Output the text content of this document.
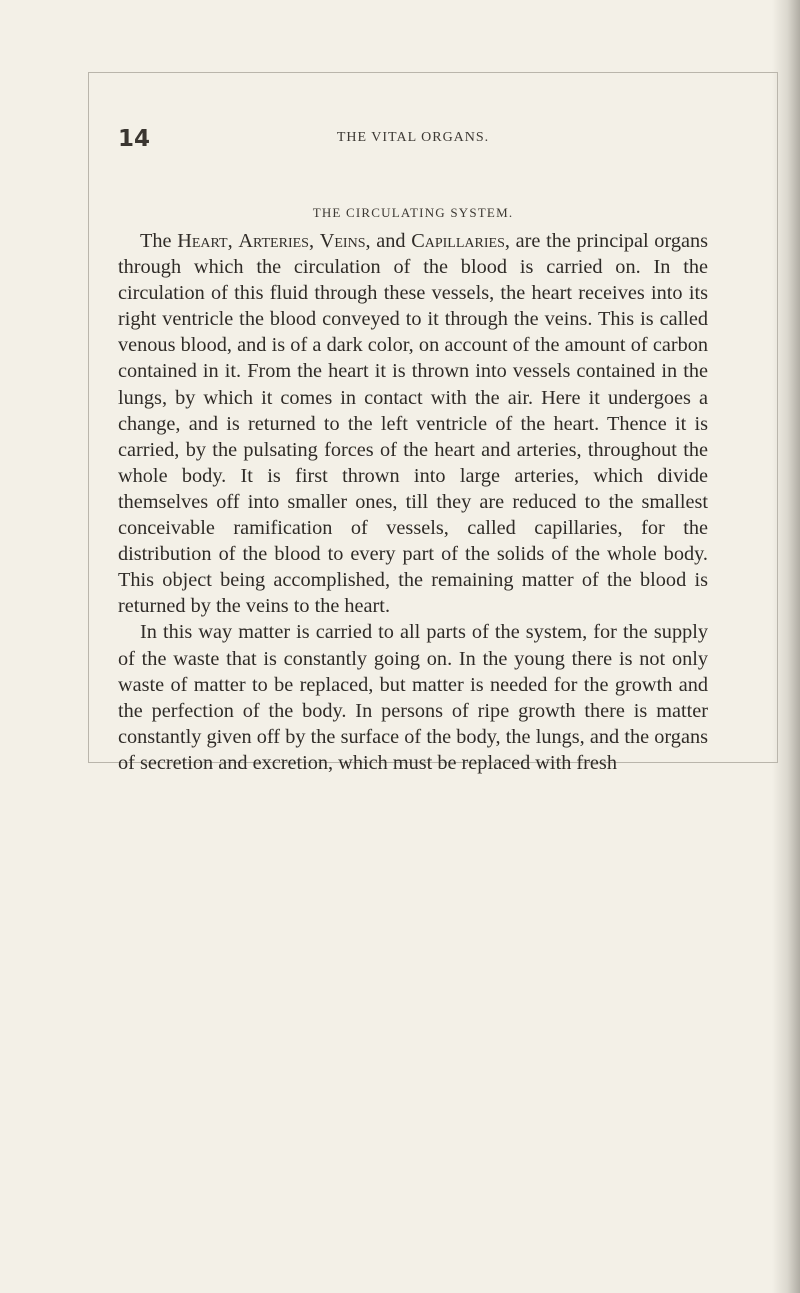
14	THE VITAL ORGANS.
THE CIRCULATING SYSTEM.

The Heart, Arteries, Veins, and Capillaries, are the principal organs through which the circulation of the blood is carried on. In the circulation of this fluid through these vessels, the heart receives into its right ventricle the blood conveyed to it through the veins. This is called venous blood, and is of a dark color, on account of the amount of carbon contained in it. From the heart it is thrown into vessels contained in the lungs, by which it comes in contact with the air. Here it undergoes a change, and is returned to the left ventricle of the heart. Thence it is carried, by the pulsating forces of the heart and arteries, throughout the whole body. It is first thrown into large arteries, which divide themselves off into smaller ones, till they are reduced to the smallest conceivable ramification of vessels, called capillaries, for the distribution of the blood to every part of the solids of the whole body. This object being accomplished, the remaining matter of the blood is returned by the veins to the heart.

In this way matter is carried to all parts of the system, for the supply of the waste that is constantly going on. In the young there is not only waste of matter to be replaced, but matter is needed for the growth and the perfection of the body. In persons of ripe growth there is matter constantly given off by the surface of the body, the lungs, and the organs of secretion and excretion, which must be replaced with fresh
